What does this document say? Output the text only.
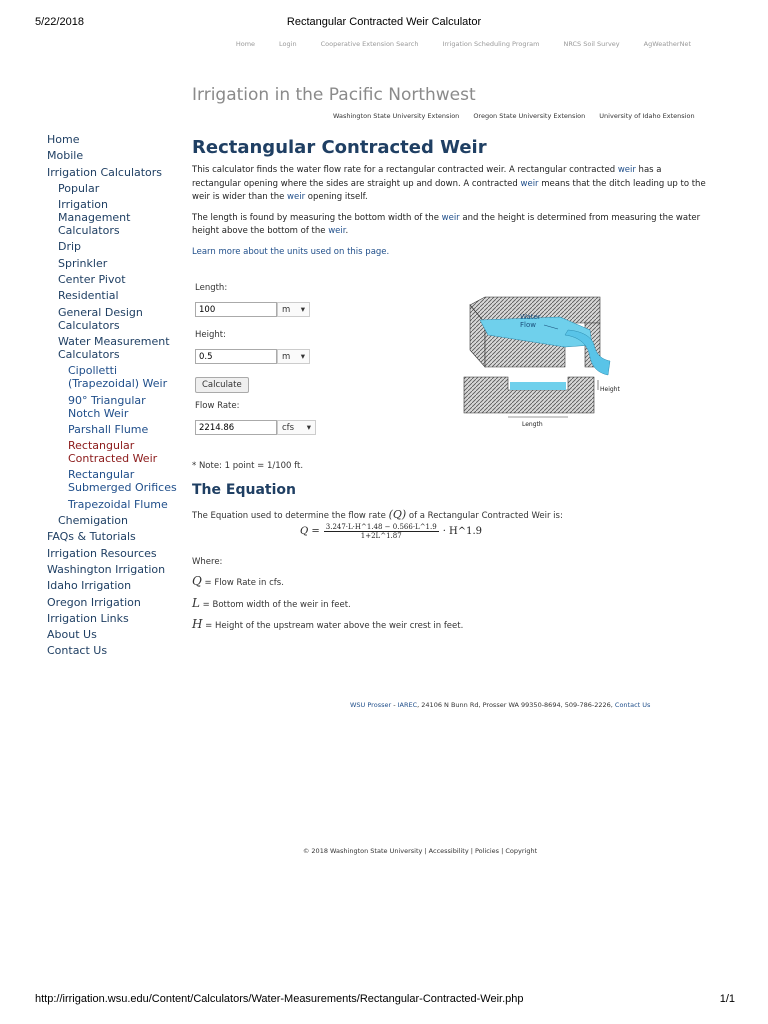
5/22/2018	Rectangular Contracted Weir Calculator
Home	Login	Cooperative Extension Search	Irrigation Scheduling Program	NRCS Soil Survey	AgWeatherNet
Irrigation in the Pacific Northwest
Washington State University Extension	Oregon State University Extension	University of Idaho Extension
Home
Mobile
Irrigation Calculators
Popular
Irrigation Management Calculators
Drip
Sprinkler
Center Pivot
Residential
General Design Calculators
Water Measurement Calculators
Cipolletti (Trapezoidal) Weir
90° Triangular Notch Weir
Parshall Flume
Rectangular Contracted Weir
Rectangular Submerged Orifices
Trapezoidal Flume
Chemigation
FAQs & Tutorials
Irrigation Resources
Washington Irrigation
Idaho Irrigation
Oregon Irrigation
Irrigation Links
About Us
Contact Us
Rectangular Contracted Weir

This calculator finds the water flow rate for a rectangular contracted weir. A rectangular contracted weir has a rectangular opening where the sides are straight up and down. A contracted weir means that the ditch leading up to the weir is wider than the weir opening itself.

The length is found by measuring the bottom width of the weir and the height is determined from measuring the water height above the bottom of the weir.

Learn more about the units used on this page.

Length:
100
m ▾
Height:
0.5
m ▾
Calculate
Flow Rate:
2214.86
cfs ▾
Water
Flow
Height
Length
* Note: 1 point = 1/100 ft.
The Equation
The Equation used to determine the flow rate (Q) of a Rectangular Contracted Weir is:
Q =	3.247·L·H^1.48 − 0.566·L^1.9	· H^1.9
1+2L^1.87
Where:
Q = Flow Rate in cfs.
L = Bottom width of the weir in feet.
H = Height of the upstream water above the weir crest in feet.
WSU Prosser - IAREC, 24106 N Bunn Rd, Prosser WA 99350-8694, 509-786-2226, Contact Us
© 2018 Washington State University | Accessibility | Policies | Copyright
http://irrigation.wsu.edu/Content/Calculators/Water-Measurements/Rectangular-Contracted-Weir.php	1/1
